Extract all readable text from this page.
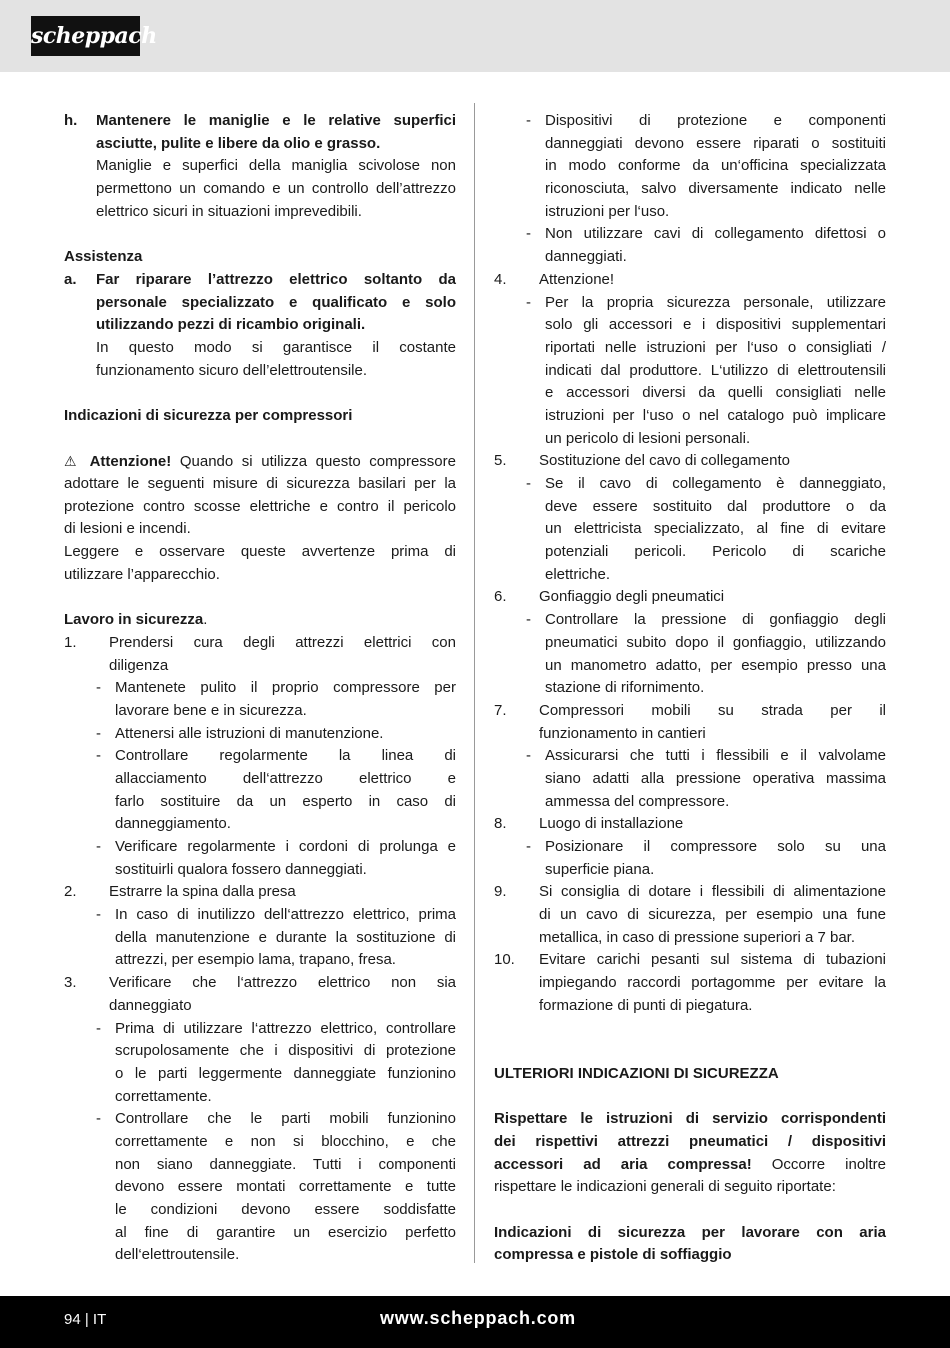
scheppach
h.	Mantenere le maniglie e le relative superfici
asciutte, pulite e libere da olio e grasso.
Maniglie e superfici della maniglia scivolose non
permettono un comando e un controllo dell’attrezzo
elettrico sicuri in situazioni imprevedibili.
Assistenza
a.	Far riparare l’attrezzo elettrico soltanto da
personale specializzato e qualificato e solo
utilizzando pezzi di ricambio originali.
In questo modo si garantisce il costante
funzionamento sicuro dell’elettroutensile.
Indicazioni di sicurezza per compressori
⚠ Attenzione! Quando si utilizza questo compressore
adottare le seguenti misure di sicurezza basilari per la
protezione contro scosse elettriche e contro il pericolo
di lesioni e incendi.
Leggere e osservare queste avvertenze prima di
utilizzare l’apparecchio.
Lavoro in sicurezza.
1.	Prendersi cura degli attrezzi elettrici con
diligenza
- Mantenete pulito il proprio compressore per
lavorare bene e in sicurezza.
- Attenersi alle istruzioni di manutenzione.
- Controllare regolarmente la linea di
allacciamento dell‘attrezzo elettrico e
farlo sostituire da un esperto in caso di
danneggiamento.
- Verificare regolarmente i cordoni di prolunga e
sostituirli qualora fossero danneggiati.
2.	Estrarre la spina dalla presa
- In caso di inutilizzo dell‘attrezzo elettrico, prima
della manutenzione e durante la sostituzione di
attrezzi, per esempio lama, trapano, fresa.
3.	Verificare che l‘attrezzo elettrico non sia
danneggiato
- Prima di utilizzare l‘attrezzo elettrico, controllare
scrupolosamente che i dispositivi di protezione
o le parti leggermente danneggiate funzionino
correttamente.
- Controllare che le parti mobili funzionino
correttamente e non si blocchino, e che
non siano danneggiate. Tutti i componenti
devono essere montati correttamente e tutte
le condizioni devono essere soddisfatte
al fine di garantire un esercizio perfetto
dell‘elettroutensile.
- Dispositivi di protezione e componenti
danneggiati devono essere riparati o sostituiti
in modo conforme da un‘officina specializzata
riconosciuta, salvo diversamente indicato nelle
istruzioni per l‘uso.
- Non utilizzare cavi di collegamento difettosi o
danneggiati.
4.	Attenzione!
- Per la propria sicurezza personale, utilizzare
solo gli accessori e i dispositivi supplementari
riportati nelle istruzioni per l‘uso o consigliati /
indicati dal produttore. L‘utilizzo di elettroutensili
e accessori diversi da quelli consigliati nelle
istruzioni per l‘uso o nel catalogo può implicare
un pericolo di lesioni personali.
5.	Sostituzione del cavo di collegamento
- Se il cavo di collegamento è danneggiato,
deve essere sostituito dal produttore o da
un elettricista specializzato, al fine di evitare
potenziali pericoli. Pericolo di scariche
elettriche.
6.	Gonfiaggio degli pneumatici
- Controllare la pressione di gonfiaggio degli
pneumatici subito dopo il gonfiaggio, utilizzando
un manometro adatto, per esempio presso una
stazione di rifornimento.
7.	Compressori mobili su strada per il
funzionamento in cantieri
- Assicurarsi che tutti i flessibili e il valvolame
siano adatti alla pressione operativa massima
ammessa del compressore.
8.	Luogo di installazione
- Posizionare il compressore solo su una
superficie piana.
9.	Si consiglia di dotare i flessibili di alimentazione
di un cavo di sicurezza, per esempio una fune
metallica, in caso di pressione superiori a 7 bar.
10.	Evitare carichi pesanti sul sistema di tubazioni
impiegando raccordi portagomme per evitare la
formazione di punti di piegatura.
ULTERIORI INDICAZIONI DI SICUREZZA
Rispettare le istruzioni di servizio corrispondenti
dei rispettivi attrezzi pneumatici / dispositivi
accessori ad aria compressa! Occorre inoltre
rispettare le indicazioni generali di seguito riportate:
Indicazioni di sicurezza per lavorare con aria
compressa e pistole di soffiaggio
94 | IT	www.scheppach.com
